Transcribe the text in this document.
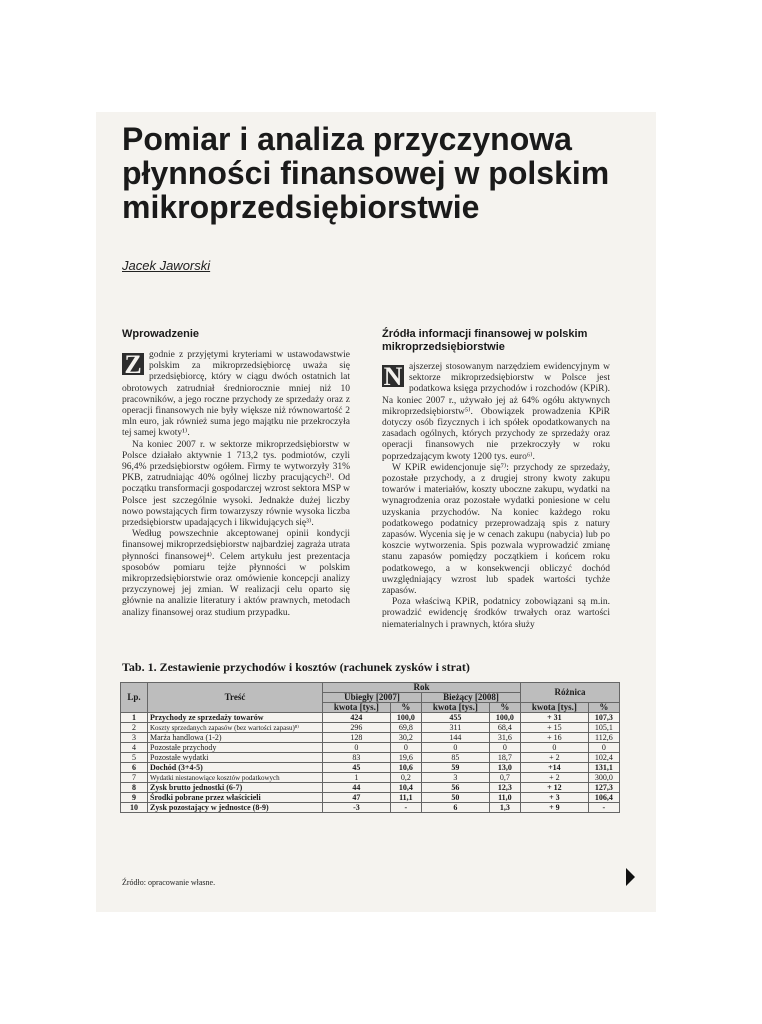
Pomiar i analiza przyczynowa płynności finansowej w polskim mikroprzedsiębiorstwie
Jacek Jaworski
Wprowadzenie

Z godnie z przyjętymi kryteriami w ustawodawstwie polskim za mikroprzedsiębiorcę uważa się przedsiębiorcę, który w ciągu dwóch ostatnich lat obrotowych zatrudniał średniorocznie mniej niż 10 pracowników, a jego roczne przychody ze sprzedaży oraz z operacji finansowych nie były większe niż równowartość 2 mln euro, jak również suma jego majątku nie przekroczyła tej samej kwoty¹⁾.

Na koniec 2007 r. w sektorze mikroprzedsiębiorstw w Polsce działało aktywnie 1 713,2 tys. podmiotów, czyli 96,4% przedsiębiorstw ogółem. Firmy te wytworzyły 31% PKB, zatrudniając 40% ogólnej liczby pracujących²⁾. Od początku transformacji gospodarczej wzrost sektora MSP w Polsce jest szczególnie wysoki. Jednakże dużej liczby nowo powstających firm towarzyszy równie wysoka liczba przedsiębiorstw upadających i likwidujących się³⁾.

Według powszechnie akceptowanej opinii kondycji finansowej mikroprzedsiębiorstw najbardziej zagraża utrata płynności finansowej⁴⁾. Celem artykułu jest prezentacja sposobów pomiaru tejże płynności w polskim mikroprzedsiębiorstwie oraz omówienie koncepcji analizy przyczynowej jej zmian. W realizacji celu oparto się głównie na analizie literatury i aktów prawnych, metodach analizy finansowej oraz studium przypadku.

Źródła informacji finansowej w polskim mikroprzedsiębiorstwie

N ajszerzej stosowanym narzędziem ewidencyjnym w sektorze mikroprzedsiębiorstw w Polsce jest podatkowa księga przychodów i rozchodów (KPiR). Na koniec 2007 r., używało jej aż 64% ogółu aktywnych mikroprzedsiębiorstw⁵⁾. Obowiązek prowadzenia KPiR dotyczy osób fizycznych i ich spółek opodatkowanych na zasadach ogólnych, których przychody ze sprzedaży oraz operacji finansowych nie przekroczyły w roku poprzedzającym kwoty 1200 tys. euro⁶⁾.

W KPiR ewidencjonuje się⁷⁾: przychody ze sprzedaży, pozostałe przychody, a z drugiej strony kwoty zakupu towarów i materiałów, koszty uboczne zakupu, wydatki na wynagrodzenia oraz pozostałe wydatki poniesione w celu uzyskania przychodów. Na koniec każdego roku podatkowego podatnicy przeprowadzają spis z natury zapasów. Wycenia się je w cenach zakupu (nabycia) lub po koszcie wytworzenia. Spis pozwala wyprowadzić zmianę stanu zapasów pomiędzy początkiem i końcem roku podatkowego, a w konsekwencji obliczyć dochód uwzględniający wzrost lub spadek wartości tychże zapasów.

Poza właściwą KPiR, podatnicy zobowiązani są m.in. prowadzić ewidencję środków trwałych oraz wartości niematerialnych i prawnych, która służy

Tab. 1. Zestawienie przychodów i kosztów (rachunek zysków i strat)
Lp.	Treść	Rok				Różnica	
		Ubiegły [2007]		Bieżący [2008]			
		kwota [tys.]	%	kwota [tys.]	%	kwota [tys.]	%
1	Przychody ze sprzedaży towarów	424	100,0	455	100,0	+ 31	107,3
2	Koszty sprzedanych zapasów (bez wartości zapasu)⁸⁾	296	69,8	311	68,4	+ 15	105,1
3	Marża handlowa (1-2)	128	30,2	144	31,6	+ 16	112,6
4	Pozostałe przychody	0	0	0	0	0	0
5	Pozostałe wydatki	83	19,6	85	18,7	+ 2	102,4
6	Dochód (3+4-5)	45	10,6	59	13,0	+14	131,1
7	Wydatki niestanowiące kosztów podatkowych	1	0,2	3	0,7	+ 2	300,0
8	Zysk brutto jednostki (6-7)	44	10,4	56	12,3	+ 12	127,3
9	Środki pobrane przez właścicieli	47	11,1	50	11,0	+ 3	106,4
10	Zysk pozostający w jednostce (8-9)	-3	-	6	1,3	+ 9	-
Źródło: opracowanie własne.
